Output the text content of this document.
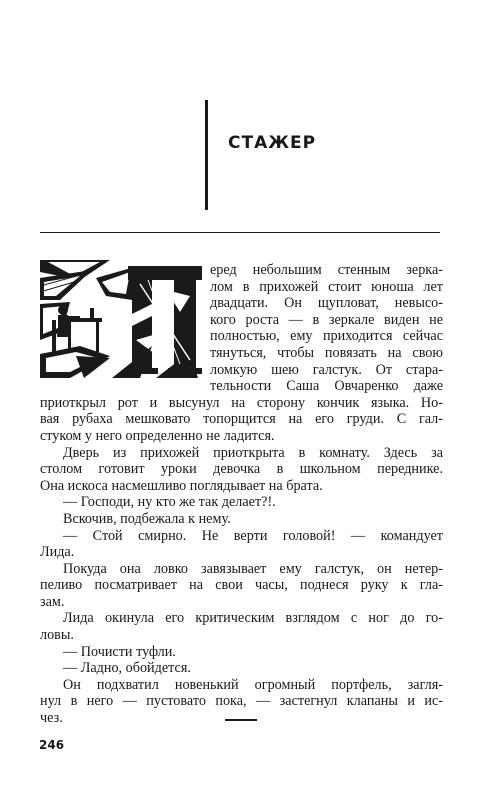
СТАЖЕР

еред небольшим стенным зерка-
лом в прихожей стоит юноша лет
двадцати. Он щупловат, невысо-
кого роста — в зеркале виден не
полностью, ему приходится сейчас
тянуться, чтобы повязать на свою
ломкую шею галстук. От стара-
тельности Саша Овчаренко даже
приоткрыл рот и высунул на сторону кончик языка. Но-
вая рубаха мешковато топорщится на его груди. С гал-
стуком у него определенно не ладится.

Дверь из прихожей приоткрыта в комнату. Здесь за
столом готовит уроки девочка в школьном переднике.
Она искоса насмешливо поглядывает на брата.

— Господи, ну кто же так делает?!.

Вскочив, подбежала к нему.

— Стой смирно. Не верти головой! — командует
Лида.

Покуда она ловко завязывает ему галстук, он нетер-
пеливо посматривает на свои часы, поднеся руку к гла-
зам.

Лида окинула его критическим взглядом с ног до го-
ловы.

— Почисти туфли.

— Ладно, обойдется.

Он подхватил новенький огромный портфель, загля-
нул в него — пустовато пока, — застегнул клапаны и ис-
чез.

246
